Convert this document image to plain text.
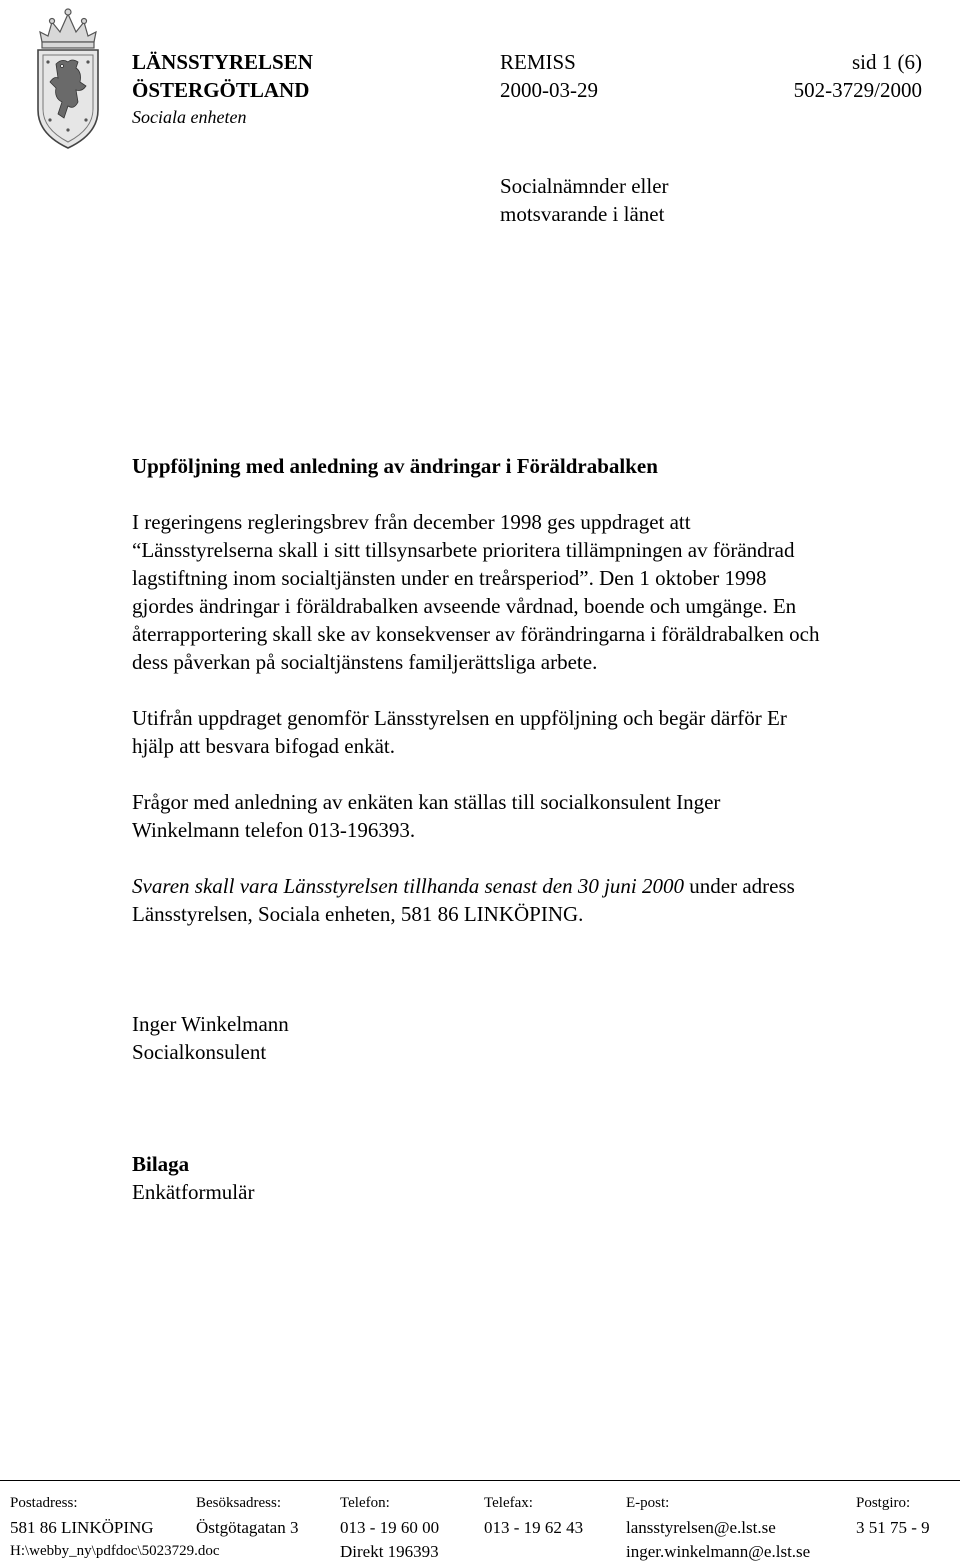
LÄNSSTYRELSEN
ÖSTERGÖTLAND
Sociala enheten
REMISS
2000-03-29
sid 1 (6)
502-3729/2000
Socialnämnder eller
motsvarande i länet
Uppföljning med anledning av ändringar i Föräldrabalken
I regeringens regleringsbrev från december 1998 ges uppdraget att
“Länsstyrelserna skall i sitt tillsynsarbete prioritera tillämpningen av förändrad
lagstiftning inom socialtjänsten under en treårsperiod”. Den 1 oktober 1998
gjordes ändringar i föräldrabalken avseende vårdnad, boende och umgänge. En
återrapportering skall ske av konsekvenser av förändringarna i föräldrabalken och
dess påverkan på socialtjänstens familjerättsliga arbete.
Utifrån uppdraget genomför Länsstyrelsen en uppföljning och begär därför Er
hjälp att besvara bifogad enkät.
Frågor med anledning av enkäten kan ställas till socialkonsulent Inger
Winkelmann telefon 013-196393.
Svaren skall vara Länsstyrelsen tillhanda senast den 30 juni 2000 under adress
Länsstyrelsen, Sociala enheten, 581 86 LINKÖPING.
Inger Winkelmann
Socialkonsulent
Bilaga
Enkätformulär
Postadress:
581 86 LINKÖPING
H:\webby_ny\pdfdoc\5023729.doc
Besöksadress:
Östgötagatan 3
Telefon:
013 - 19 60 00
Direkt 196393
Telefax:
013 - 19 62 43
E-post:
lansstyrelsen@e.lst.se
inger.winkelmann@e.lst.se
Postgiro:
3 51 75 - 9
